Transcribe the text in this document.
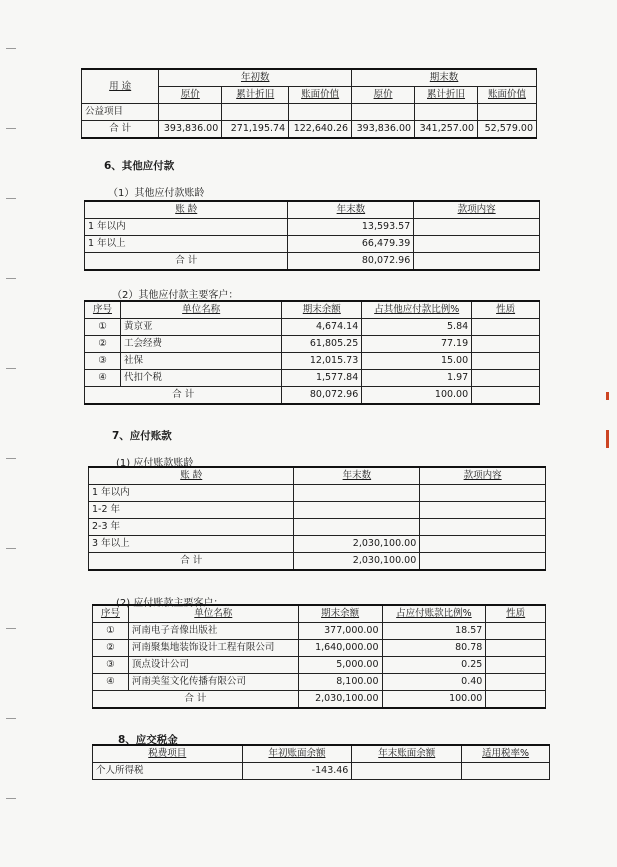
用 途	年初数			期末数		
	原价	累计折旧	账面价值	原价	累计折旧	账面价值
公益项目						
合 计	393,836.00	271,195.74	122,640.26	393,836.00	341,257.00	52,579.00
6、其他应付款
（1）其他应付款账龄
账 龄	年末数	款项内容
1 年以内	13,593.57	
1 年以上	66,479.39	
合 计	80,072.96	
（2）其他应付款主要客户：
序号	单位名称	期末余额	占其他应付款比例%	性质
①	黄京亚	4,674.14	5.84	
②	工会经费	61,805.25	77.19	
③	社保	12,015.73	15.00	
④	代扣个税	1,577.84	1.97	
合 计		80,072.96	100.00	
7、应付账款
(1) 应付账款账龄
账 龄	年末数	款项内容
1 年以内		
1-2 年		
2-3 年		
3 年以上	2,030,100.00	
合 计	2,030,100.00	
(2) 应付账款主要客户：
序号	单位名称	期末余额	占应付账款比例%	性质
①	河南电子音像出版社	377,000.00	18.57	
②	河南聚集地装饰设计工程有限公司	1,640,000.00	80.78	
③	顶点设计公司	5,000.00	0.25	
④	河南美玺文化传播有限公司	8,100.00	0.40	
合 计		2,030,100.00	100.00	
8、应交税金
税费项目	年初账面余额	年末账面余额	适用税率%
个人所得税	-143.46		
